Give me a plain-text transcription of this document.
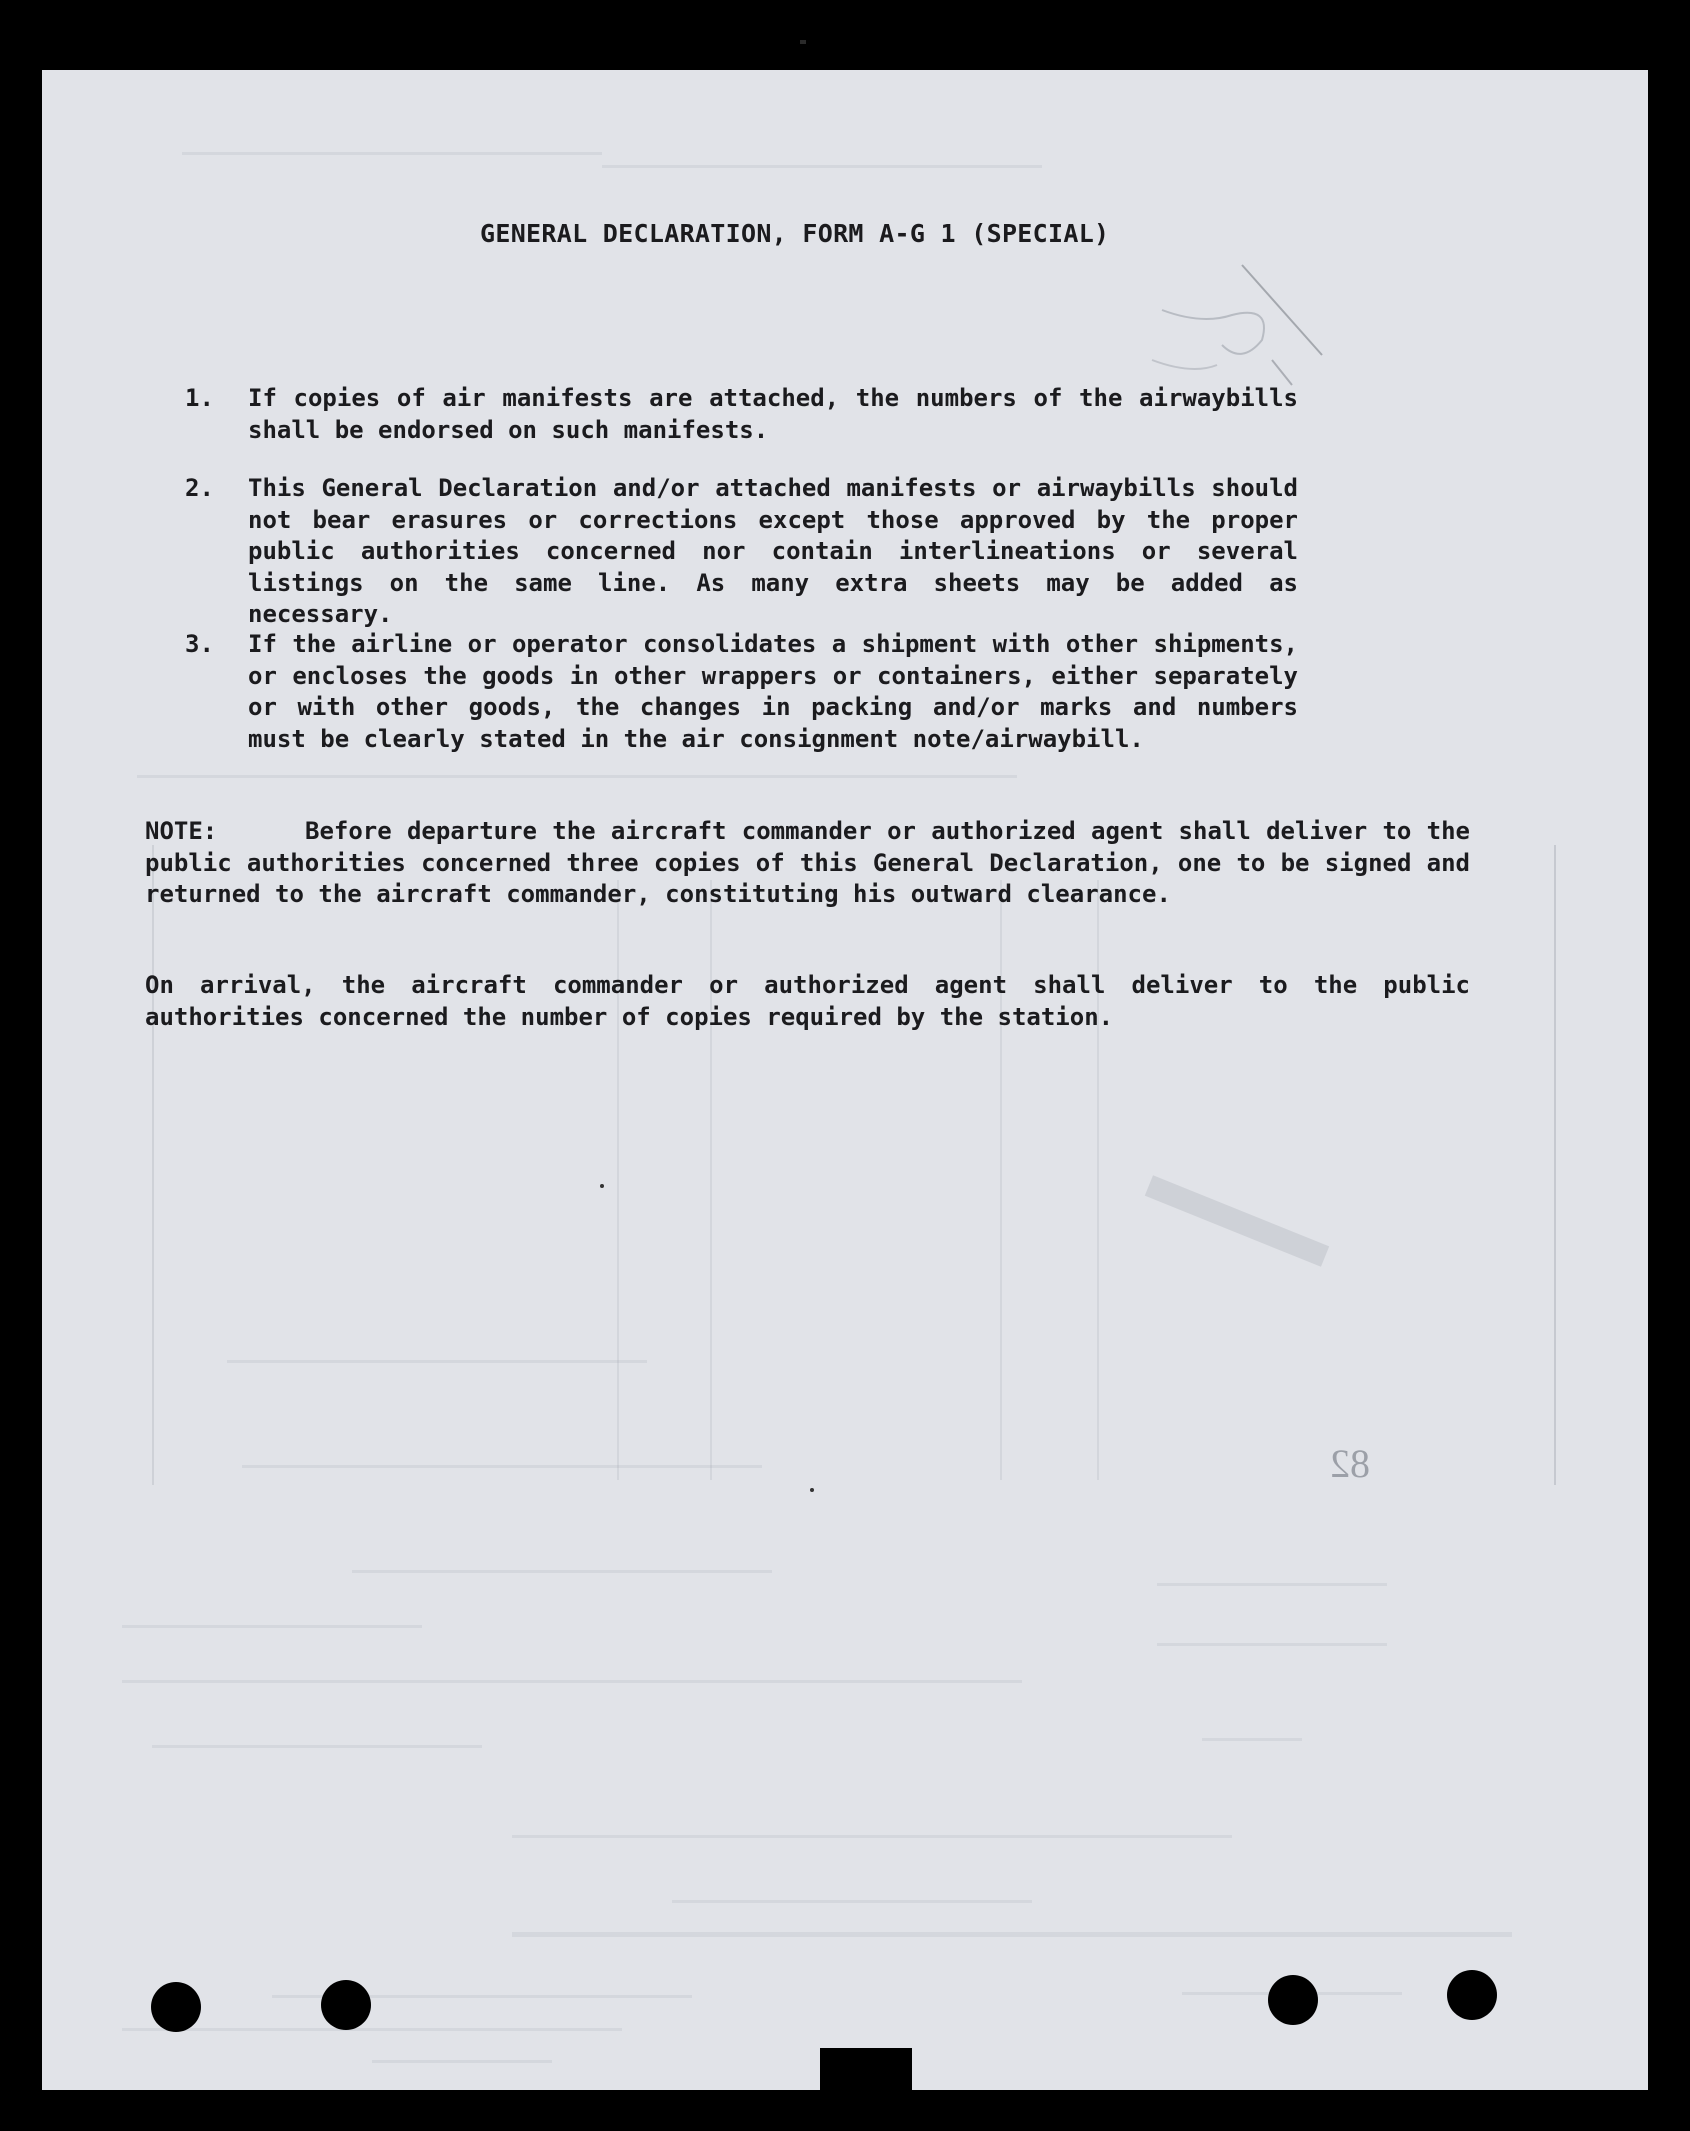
82
GENERAL DECLARATION, FORM A-G 1 (SPECIAL)
1. If copies of air manifests are attached, the numbers of the airwaybills shall be endorsed on such manifests.
2. This General Declaration and/or attached manifests or airwaybills should not bear erasures or corrections except those approved by the proper public authorities concerned nor contain interlineations or several listings on the same line. As many extra sheets may be added as necessary.
3. If the airline or operator consolidates a shipment with other shipments, or encloses the goods in other wrappers or containers, either separately or with other goods, the changes in packing and/or marks and numbers must be clearly stated in the air consignment note/airwaybill.
NOTE:	Before departure the aircraft commander or authorized agent shall deliver to the public authorities concerned three copies of this General Declaration, one to be signed and returned to the aircraft commander, constituting his outward clearance.
On arrival, the aircraft commander or authorized agent shall deliver to the public authorities concerned the number of copies required by the station.
